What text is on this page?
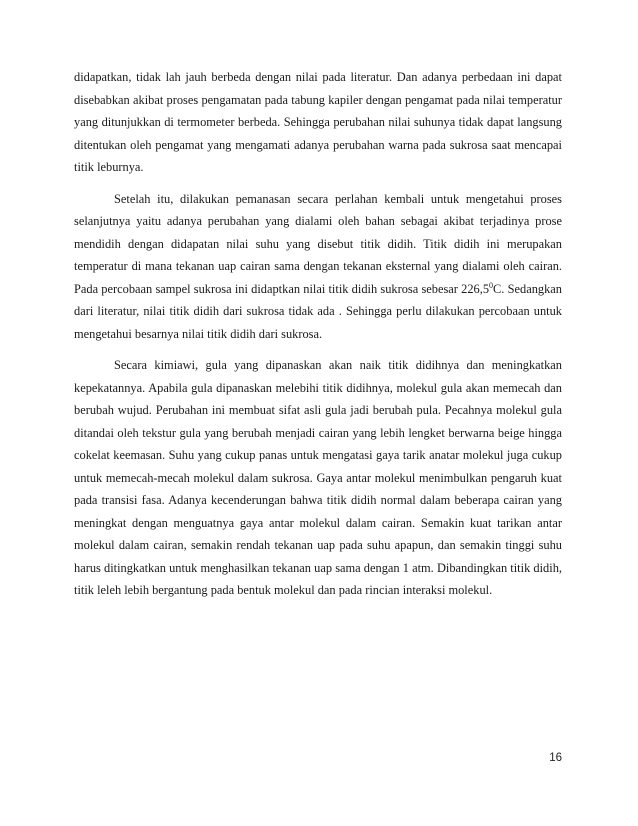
didapatkan, tidak lah jauh berbeda dengan nilai pada literatur. Dan adanya perbedaan ini dapat disebabkan akibat proses pengamatan pada tabung kapiler dengan pengamat pada nilai temperatur yang ditunjukkan di termometer berbeda. Sehingga perubahan nilai suhunya tidak dapat langsung ditentukan oleh pengamat yang mengamati adanya perubahan warna pada sukrosa saat mencapai titik leburnya.

Setelah itu, dilakukan pemanasan secara perlahan kembali untuk mengetahui proses selanjutnya yaitu adanya perubahan yang dialami oleh bahan sebagai akibat terjadinya prose mendidih dengan didapatan nilai suhu yang disebut titik didih. Titik didih ini merupakan temperatur di mana tekanan uap cairan sama dengan tekanan eksternal yang dialami oleh cairan. Pada percobaan sampel sukrosa ini didaptkan nilai titik didih sukrosa sebesar 226,5$^0$C. Sedangkan dari literatur, nilai titik didih dari sukrosa tidak ada . Sehingga perlu dilakukan percobaan untuk mengetahui besarnya nilai titik didih dari sukrosa.

Secara kimiawi, gula yang dipanaskan akan naik titik didihnya dan meningkatkan kepekatannya. Apabila gula dipanaskan melebihi titik didihnya, molekul gula akan memecah dan berubah wujud. Perubahan ini membuat sifat asli gula jadi berubah pula. Pecahnya molekul gula ditandai oleh tekstur gula yang berubah menjadi cairan yang lebih lengket berwarna beige hingga cokelat keemasan. Suhu yang cukup panas untuk mengatasi gaya tarik anatar molekul juga cukup untuk memecah-mecah molekul dalam sukrosa. Gaya antar molekul menimbulkan pengaruh kuat pada transisi fasa. Adanya kecenderungan bahwa titik didih normal dalam beberapa cairan yang meningkat dengan menguatnya gaya antar molekul dalam cairan. Semakin kuat tarikan antar molekul dalam cairan, semakin rendah tekanan uap pada suhu apapun, dan semakin tinggi suhu harus ditingkatkan untuk menghasilkan tekanan uap sama dengan 1 atm. Dibandingkan titik didih, titik leleh lebih bergantung pada bentuk molekul dan pada rincian interaksi molekul.

16
